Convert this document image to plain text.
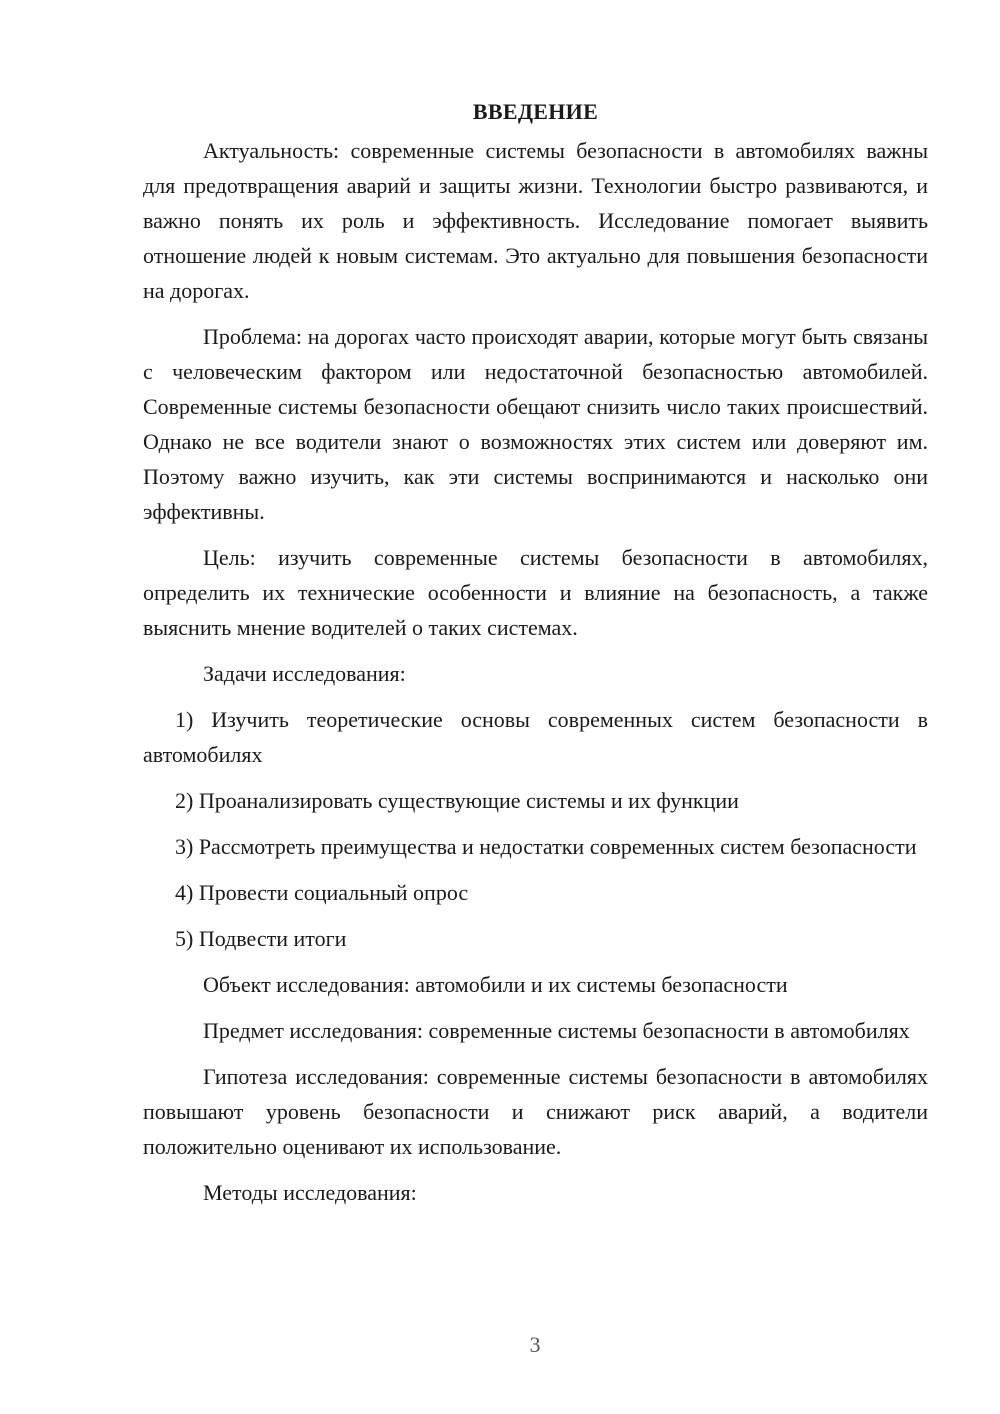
ВВЕДЕНИЕ

Актуальность: современные системы безопасности в автомобилях важны для предотвращения аварий и защиты жизни. Технологии быстро развиваются, и важно понять их роль и эффективность. Исследование помогает выявить отношение людей к новым системам. Это актуально для повышения безопасности на дорогах.

Проблема: на дорогах часто происходят аварии, которые могут быть связаны с человеческим фактором или недостаточной безопасностью автомобилей. Современные системы безопасности обещают снизить число таких происшествий. Однако не все водители знают о возможностях этих систем или доверяют им. Поэтому важно изучить, как эти системы воспринимаются и насколько они эффективны.

Цель: изучить современные системы безопасности в автомобилях, определить их технические особенности и влияние на безопасность, а также выяснить мнение водителей о таких системах.

Задачи исследования:

1) Изучить теоретические основы современных систем безопасности в автомобилях

2) Проанализировать существующие системы и их функции

3) Рассмотреть преимущества и недостатки современных систем безопасности

4) Провести социальный опрос

5) Подвести итоги

Объект исследования: автомобили и их системы безопасности

Предмет исследования: современные системы безопасности в автомобилях

Гипотеза исследования: современные системы безопасности в автомобилях повышают уровень безопасности и снижают риск аварий, а водители положительно оценивают их использование.

Методы исследования:

3
